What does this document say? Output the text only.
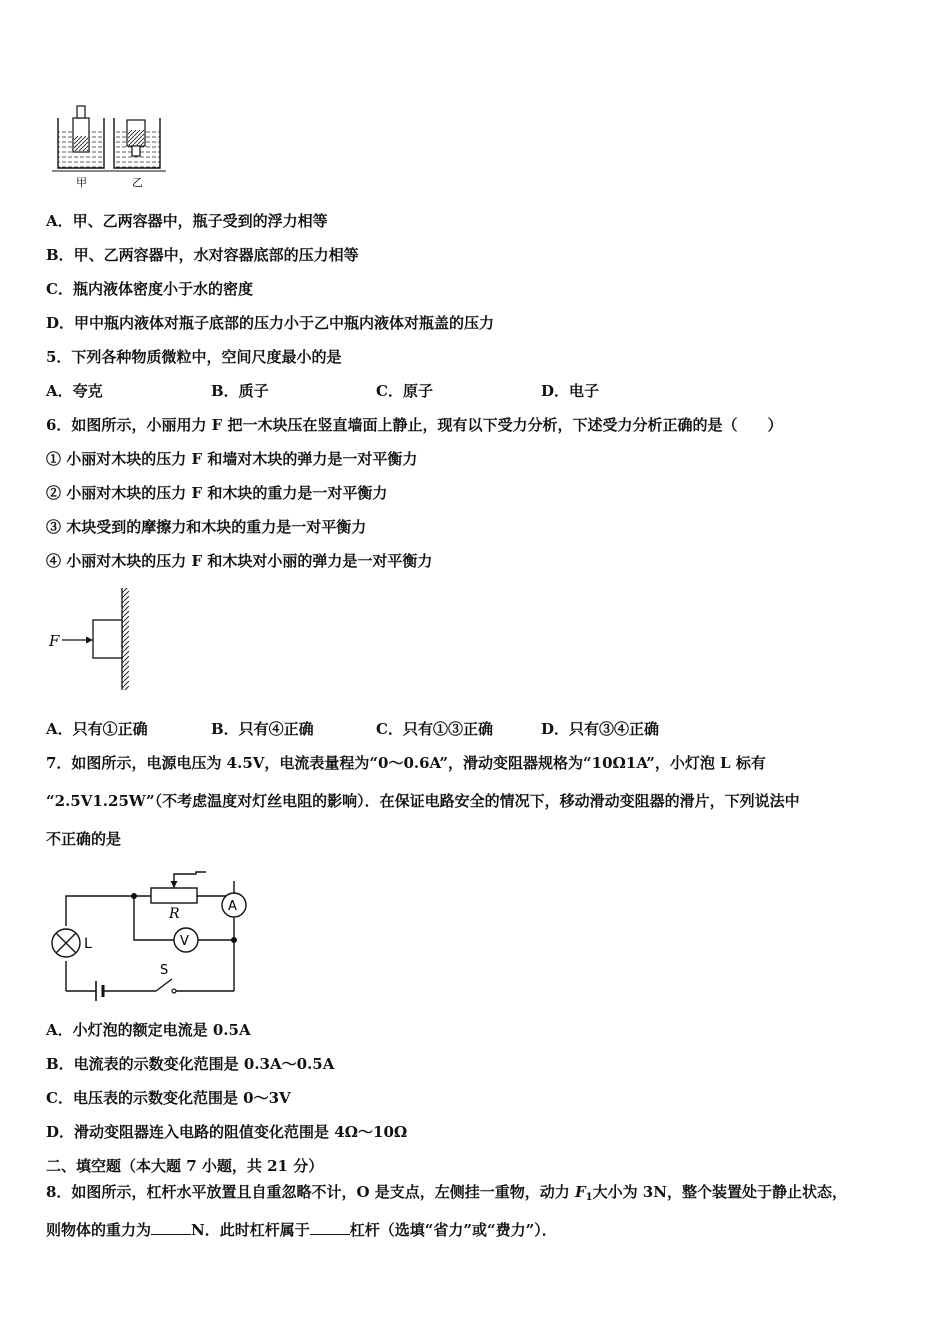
甲	乙
A．甲、乙两容器中，瓶子受到的浮力相等
B．甲、乙两容器中，水对容器底部的压力相等
C．瓶内液体密度小于水的密度
D．甲中瓶内液体对瓶子底部的压力小于乙中瓶内液体对瓶盖的压力
5．下列各种物质微粒中，空间尺度最小的是
A．夸克	B．质子	C．原子	D．电子
6．如图所示，小丽用力 F 把一木块压在竖直墙面上静止，现有以下受力分析，下述受力分析正确的是（　　）
① 小丽对木块的压力 F 和墙对木块的弹力是一对平衡力
② 小丽对木块的压力 F 和木块的重力是一对平衡力
③ 木块受到的摩擦力和木块的重力是一对平衡力
④ 小丽对木块的压力 F 和木块对小丽的弹力是一对平衡力
F
A．只有①正确	B．只有④正确	C．只有①③正确	D．只有③④正确
7．如图所示，电源电压为 4.5V，电流表量程为“0～0.6A”，滑动变阻器规格为“10Ω1A”，小灯泡 L 标有
“2.5V1.25W”（不考虑温度对灯丝电阻的影响）．在保证电路安全的情况下，移动滑动变阻器的滑片，下列说法中
不正确的是
R	A
V
L
S
A．小灯泡的额定电流是 0.5A
B．电流表的示数变化范围是 0.3A～0.5A
C．电压表的示数变化范围是 0～3V
D．滑动变阻器连入电路的阻值变化范围是 4Ω～10Ω
二、填空题（本大题 7 小题，共 21 分）
8．如图所示，杠杆水平放置且自重忽略不计，O 是支点，左侧挂一重物，动力 $F_1$大小为 3N，整个装置处于静止状态，
则物体的重力为	N．此时杠杆属于	杠杆（选填“省力”或“费力”）．
